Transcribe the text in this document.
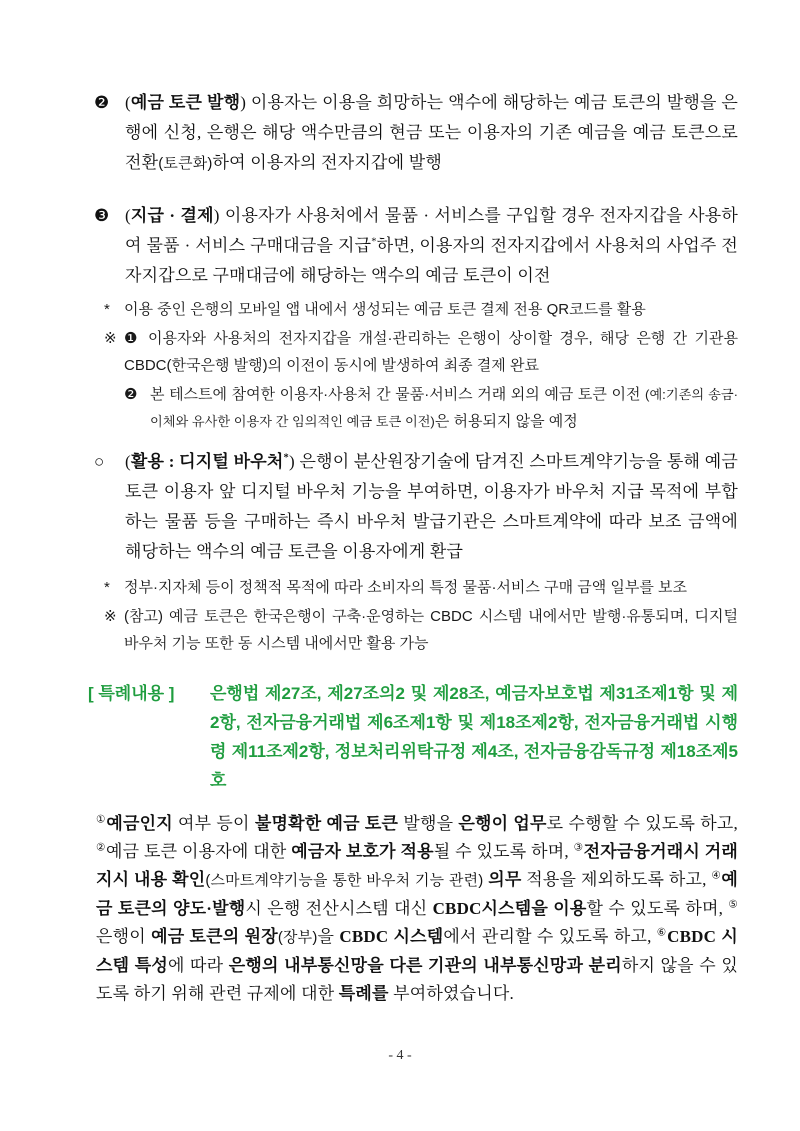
❷ (예금 토큰 발행) 이용자는 이용을 희망하는 액수에 해당하는 예금 토큰의 발행을 은행에 신청, 은행은 해당 액수만큼의 현금 또는 이용자의 기존 예금을 예금 토큰으로 전환(토큰화)하여 이용자의 전자지갑에 발행
❸ (지급 · 결제) 이용자가 사용처에서 물품 · 서비스를 구입할 경우 전자지갑을 사용하여 물품 · 서비스 구매대금을 지급*하면, 이용자의 전자지갑에서 사용처의 사업주 전자지갑으로 구매대금에 해당하는 액수의 예금 토큰이 이전
* 이용 중인 은행의 모바일 앱 내에서 생성되는 예금 토큰 결제 전용 QR코드를 활용
※ ❶ 이용자와 사용처의 전자지갑을 개설·관리하는 은행이 상이할 경우, 해당 은행 간 기관용 CBDC(한국은행 발행)의 이전이 동시에 발생하여 최종 결제 완료
❷ 본 테스트에 참여한 이용자·사용처 간 물품·서비스 거래 외의 예금 토큰 이전 (예:기존의 송금·이체와 유사한 이용자 간 임의적인 예금 토큰 이전)은 허용되지 않을 예정
○	(활용 : 디지털 바우처*) 은행이 분산원장기술에 담겨진 스마트계약기능을 통해 예금 토큰 이용자 앞 디지털 바우처 기능을 부여하면, 이용자가 바우처 지급 목적에 부합하는 물품 등을 구매하는 즉시 바우처 발급기관은 스마트계약에 따라 보조 금액에 해당하는 액수의 예금 토큰을 이용자에게 환급
* 정부·지자체 등이 정책적 목적에 따라 소비자의 특정 물품·서비스 구매 금액 일부를 보조
※ (참고) 예금 토큰은 한국은행이 구축·운영하는 CBDC 시스템 내에서만 발행·유통되며, 디지털 바우처 기능 또한 동 시스템 내에서만 활용 가능
[ 특례내용 ]	은행법 제27조, 제27조의2 및 제28조, 예금자보호법 제31조제1항 및 제2항, 전자금융거래법 제6조제1항 및 제18조제2항, 전자금융거래법 시행령 제11조제2항, 정보처리위탁규정 제4조, 전자금융감독규정 제18조제5호
①예금인지 여부 등이 불명확한 예금 토큰 발행을 은행이 업무로 수행할 수 있도록 하고, ②예금 토큰 이용자에 대한 예금자 보호가 적용될 수 있도록 하며, ③전자금융거래시 거래지시 내용 확인(스마트계약기능을 통한 바우처 기능 관련) 의무 적용을 제외하도록 하고, ④예금 토큰의 양도·발행시 은행 전산시스템 대신 CBDC시스템을 이용할 수 있도록 하며, ⑤은행이 예금 토큰의 원장(장부)을 CBDC 시스템에서 관리할 수 있도록 하고, ⑥CBDC 시스템 특성에 따라 은행의 내부통신망을 다른 기관의 내부통신망과 분리하지 않을 수 있도록 하기 위해 관련 규제에 대한 특례를 부여하였습니다.
- 4 -
